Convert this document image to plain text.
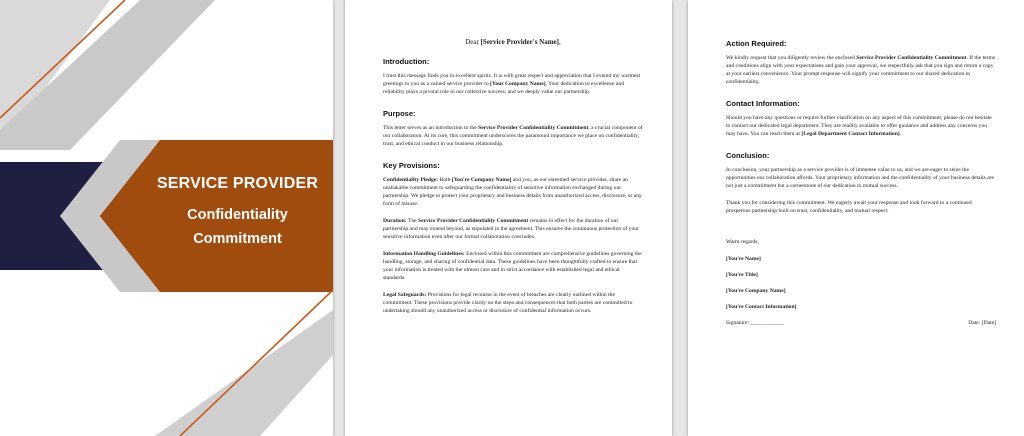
SERVICE PROVIDER
Confidentiality
Commitment
Dear [Service Provider's Name],
Introduction:

I trust this message finds you in excellent spirits. It is with great respect and appreciation that I extend my warmest greetings to you as a valued service provider to [Your Company Name]. Your dedication to excellence and reliability plays a pivotal role in our collective success, and we deeply value our partnership.

Purpose:

This letter serves as an introduction to the Service Provider Confidentiality Commitment, a crucial component of our collaboration. At its core, this commitment underscores the paramount importance we place on confidentiality, trust, and ethical conduct in our business relationship.

Key Provisions:

Confidentiality Pledge: Both [You're Company Name] and you, as our esteemed service provider, share an unshakable commitment to safeguarding the confidentiality of sensitive information exchanged during our partnership. We pledge to protect your proprietary and business details from unauthorized access, disclosure, or any form of misuse.

Duration: The Service Provider Confidentiality Commitment remains in effect for the duration of our partnership and may extend beyond, as stipulated in the agreement. This ensures the continuous protection of your sensitive information even after our formal collaboration concludes.

Information Handling Guidelines: Enclosed within this commitment are comprehensive guidelines governing the handling, storage, and sharing of confidential data. These guidelines have been thoughtfully crafted to ensure that your information is treated with the utmost care and in strict accordance with established legal and ethical standards.

Legal Safeguards: Provisions for legal recourse in the event of breaches are clearly outlined within the commitment. These provisions provide clarity on the steps and consequences that both parties are committed to undertaking should any unauthorized access or disclosure of confidential information occurs.

Action Required:

We kindly request that you diligently review the enclosed Service Provider Confidentiality Commitment. If the terms and conditions align with your expectations and gain your approval, we respectfully ask that you sign and return a copy at your earliest convenience. Your prompt response will signify your commitment to our shared dedication to confidentiality.

Contact Information:

Should you have any questions or require further clarification on any aspect of this commitment, please do not hesitate to contact our dedicated legal department. They are readily available to offer guidance and address any concerns you may have. You can reach them at [Legal Department Contact Information].

Conclusion:

In conclusion, your partnership as a service provider is of immense value to us, and we are eager to seize the opportunities our collaboration affords. Your proprietary information and the confidentiality of your business details are not just a commitment but a cornerstone of our dedication to mutual success.

Thank you for considering this commitment. We eagerly await your response and look forward to a continued prosperous partnership built on trust, confidentiality, and mutual respect.

Warm regards,

[You're Name]

[You're Title]

[You're Company Name]

[You're Contact Information]

Signature: ____________	Date: [Date]
